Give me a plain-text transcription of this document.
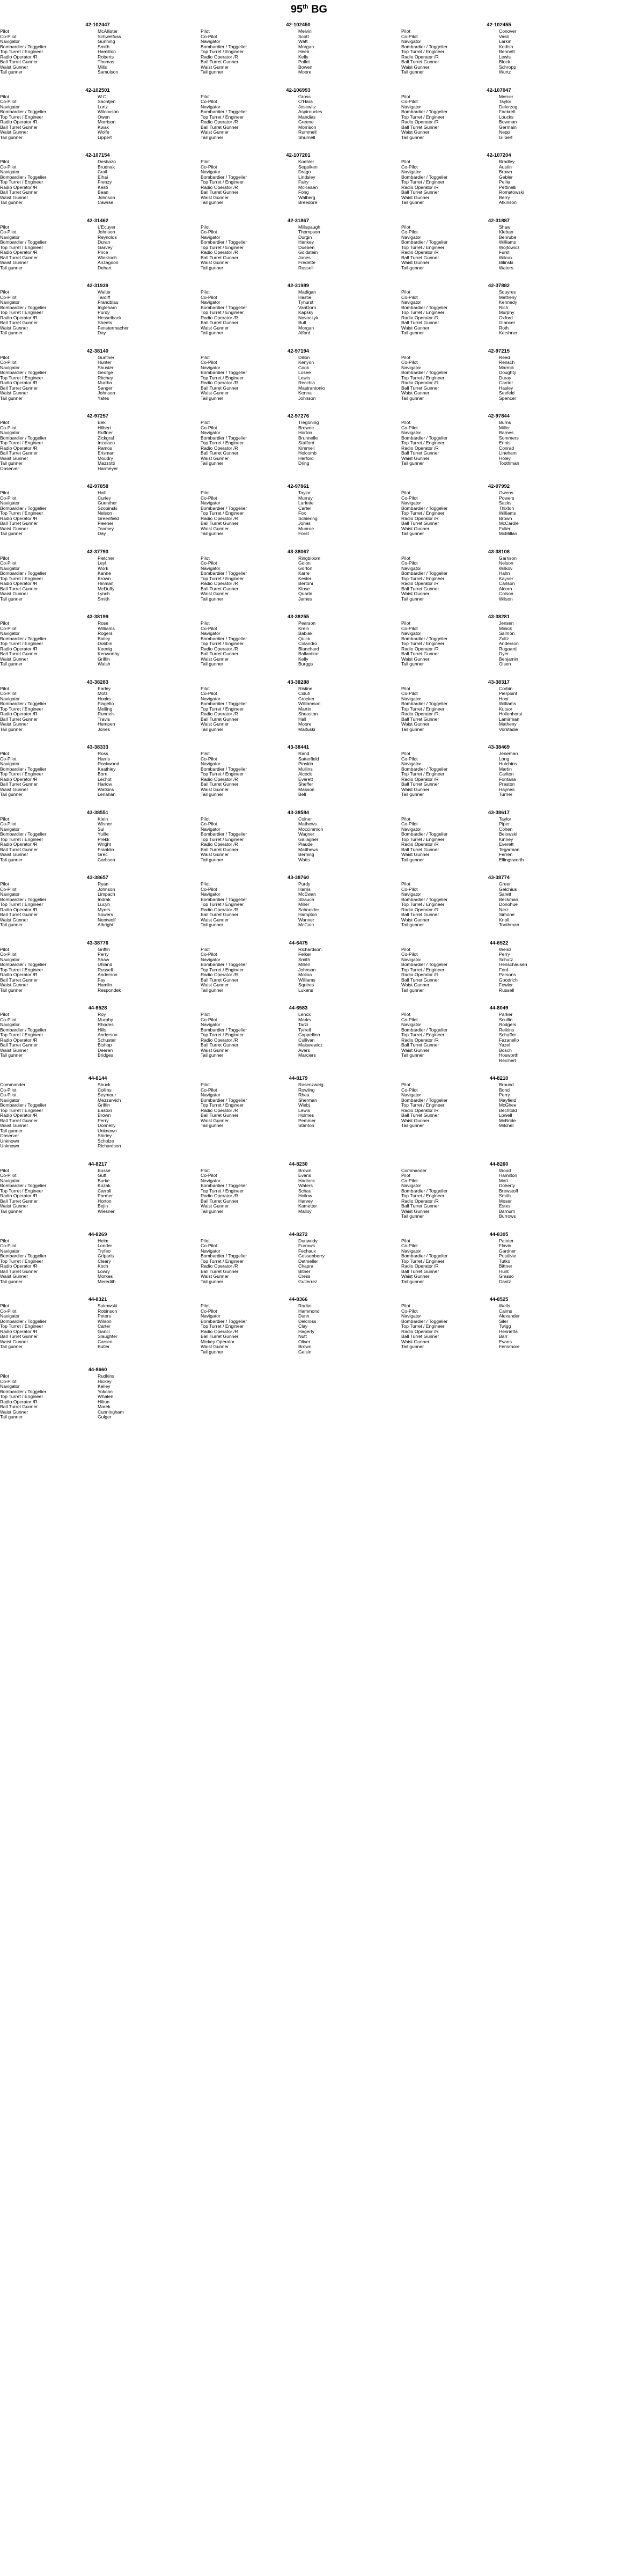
95th BG
42-102447
Pilot	McAllister
Co-Pilot	Schwelfuss
Navigator	Gunning
Bombardier / Toggelier	Smith
Top Turret / Engineer	Hamilton
Radio Operator /R	Roberts
Ball Turret Gunner	Thomas
Waist Gunner	Mills
Tail gunner	Samulson
42-102450
Pilot	Melvin
Co-Pilot	Scott
Navigator	Watt
Bombardier / Toggelier	Morgan
Top Turret / Engineer	Heeb
Radio Operator /R	Kelly
Ball Turret Gunner	Pollei
Waist Gunner	Bowen
Tail gunner	Moore
42-102455
Pilot	Conover
Co-Pilot	Vasil
Navigator	Larkin
Bombardier / Toggelier	Kodish
Top Turret / Engineer	Bennett
Radio Operator /R	Lewis
Ball Turret Gunner	Block
Waist Gunner	Schropp
Tail gunner	Wurtz
42-102501
Pilot	W.C.
Co-Pilot	Sachtjen
Navigator	Lurtz
Bombardier / Toggelier	Wilcoxson
Top Turret / Engineer	Owen
Radio Operator /R	Morrison
Ball Turret Gunner	Kwak
Waist Gunner	Wolfe
Tail gunner	Lippert
42-106993
Pilot	Gross
Co-Pilot	O'Hara
Navigator	Jesewitz
Bombardier / Toggelier	Aspiroucles
Top Turret / Engineer	Mandias
Radio Operator /R	Greene
Ball Turret Gunner	Morrison
Waist Gunner	Rummell
Tail gunner	Shurnell
42-107047
Pilot	Mercer
Co-Pilot	Taylor
Navigator	Delerzog
Bombardier / Toggelier	Fackrell
Top Turret / Engineer	Loucks
Radio Operator /R	Bowman
Ball Turret Gunner	Germain
Waist Gunner	Nepp
Tail gunner	Gilbert
42-107154
Pilot	Deshazo
Co-Pilot	Brudnak
Navigator	Crail
Bombardier / Toggelier	Elhai
Top Turret / Engineer	Frenzy
Radio Operator /R	Kesti
Ball Turret Gunner	Bean
Waist Gunner	Johnson
Tail gunner	Cawrse
42-107201
Pilot	Koehler
Co-Pilot	Segalken
Navigator	Drago
Bombardier / Toggelier	Lindsley
Top Turret / Engineer	Fairy
Radio Operator /R	McKeaen
Ball Turret Gunner	Fong
Waist Gunner	Walberg
Tail gunner	Breedore
42-107204
Pilot	Bradley
Co-Pilot	Austin
Navigator	Brown
Bombardier / Toggelier	Gebler
Top Turret / Engineer	Pellia
Radio Operator /R	Pettinelli
Ball Turret Gunner	Romatowski
Waist Gunner	Berry
Tail gunner	Atkinson
42-31462
Pilot	L'Ecuyer
Co-Pilot	Johnson
Navigator	Reynolds
Bombardier / Toggelier	Duran
Top Turret / Engineer	Garvey
Radio Operator /R	Price
Ball Turret Gunner	Wierzoch
Waist Gunner	Anzagoon
Tail gunner	Dehart
42-31867
Pilot	Millspaugh
Co-Pilot	Thompson
Navigator	Durgin
Bombardier / Toggelier	Hankey
Top Turret / Engineer	Dueben
Radio Operator /R	Goldstein
Ball Turret Gunner	Jones
Waist Gunner	Fredette
Tail gunner	Russell
42-31887
Pilot	Shaw
Co-Pilot	Kleban
Navigator	Benrube
Bombardier / Toggelier	Williams
Top Turret / Engineer	Wojtowicz
Radio Operator /R	Furst
Ball Turret Gunner	Wilcox
Waist Gunner	Bilinski
Tail gunner	Waters
42-31939
Pilot	Walter
Co-Pilot	Tardiff
Navigator	Frandblau
Bombardier / Toggelier	Ingleharn
Top Turret / Engineer	Purdy
Radio Operator /R	Hesselback
Ball Turret Gunner	Sheets
Waist Gunner	Fenstermacher
Tail gunner	Day
42-31989
Pilot	Madigan
Co-Pilot	Hastie
Navigator	Tyhurst
Bombardier / Toggelier	VanDorn
Top Turret / Engineer	Kapsky
Radio Operator /R	Novoczyk
Ball Turret Gunner	Bull
Waist Gunner	Morgan
Tail gunner	Alford
42-37882
Pilot	Squyres
Co-Pilot	Metheny
Navigator	Kennedy
Bombardier / Toggelier	Rich
Top Turret / Engineer	Murphy
Radio Operator /R	Oxford
Ball Turret Gunner	Glancer
Waist Gunner	Roth
Tail gunner	Kershner
42-38140
Pilot	Gunther
Co-Pilot	Hunter
Navigator	Shuster
Bombardier / Toggelier	George
Top Turret / Engineer	Ritchey
Radio Operator /R	Murtha
Ball Turret Gunner	Sanger
Waist Gunner	Johnson
Tail gunner	Yates
42-97194
Pilot	Dillon
Co-Pilot	Kenyon
Navigator	Cook
Bombardier / Toggelier	Losee
Top Turret / Engineer	Lewis
Radio Operator /R	Recchia
Ball Turret Gunner	Mastrantonio
Waist Gunner	Kenna
Tail gunner	Johnson
42-97215
Pilot	Reed
Co-Pilot	Rensch
Navigator	Marmik
Bombardier / Toggelier	Doughty
Top Turret / Engineer	Duray
Radio Operator /R	Carrier
Ball Turret Gunner	Hasley
Waist Gunner	Seefeld
Tail gunner	Spencer
42-97257
Pilot	Bek
Co-Pilot	Hilbert
Navigator	Ruffner
Bombardier / Toggelier	Zickgraf
Top Turret / Engineer	Inzalaco
Radio Operator /R	Ramos
Ball Turret Gunner	Erisman
Waist Gunner	Moudry
Tail gunner	Mazzotti
Observer	Harmeyer
42-97276
Pilot	Tregoning
Co-Pilot	Browne
Navigator	Horton
Bombardier / Toggelier	Brunnelle
Top Turret / Engineer	Stafford
Radio Operator /R	Kimmell
Ball Turret Gunner	Holcomb
Waist Gunner	Herford
Tail gunner	Dring
42-97844
Pilot	Burns
Co-Pilot	Miller
Navigator	Barnes
Bombardier / Toggelier	Sommers
Top Turret / Engineer	Ennis
Radio Operator /R	Conrad
Ball Turret Gunner	Lineham
Waist Gunner	Holey
Tail gunner	Toothman
42-97858
Pilot	Hall
Co-Pilot	Curley
Navigator	Guenther
Bombardier / Toggelier	Szopinski
Top Turret / Engineer	Nelson
Radio Operator /R	Greenfield
Ball Turret Gunner	Fleener
Waist Gunner	Toomey
Tail gunner	Day
42-97861
Pilot	Taylor
Co-Pilot	Murray
Navigator	Larlette
Bombardier / Toggelier	Carter
Top Turret / Engineer	Fox
Radio Operator /R	Schiering
Ball Turret Gunner	Jones
Waist Gunner	Munroe
Tail gunner	Forst
42-97992
Pilot	Owens
Co-Pilot	Powers
Navigator	Sacks
Bombardier / Toggelier	Thixton
Top Turret / Engineer	Williams
Radio Operator /R	Brown
Ball Turret Gunner	McCardle
Waist Gunner	Fuller
Tail gunner	McMillan
43-37793
Pilot	Fletcher
Co-Pilot	Leyl
Navigator	Work
Bombardier / Toggelier	Kanne
Top Turret / Engineer	Brown
Radio Operator /R	Hinman
Ball Turret Gunner	McDuffy
Waist Gunner	Lynch
Tail gunner	Smith
43-38067
Pilot	Ringbloom
Co-Pilot	Goion
Navigator	Gorton
Bombardier / Toggelier	Karre
Top Turret / Engineer	Kesler
Radio Operator /R	Bertoni
Ball Turret Gunner	Klose
Waist Gunner	Quarte
Tail gunner	James
43-38108
Pilot	Garrison
Co-Pilot	Nelson
Navigator	Wilkov
Bombardier / Toggelier	Hahn
Top Turret / Engineer	Kayser
Radio Operator /R	Carlson
Ball Turret Gunner	Alcorn
Waist Gunner	Colson
Tail gunner	Wilson
43-38199
Pilot	Rose
Co-Pilot	Williams
Navigator	Rogers
Bombardier / Toggelier	Bailey
Top Turret / Engineer	Dobbin
Radio Operator /R	Koenig
Ball Turret Gunner	Kenworthy
Waist Gunner	Griffin
Tail gunner	Walsh
43-38255
Pilot	Pearson
Co-Pilot	Krein
Navigator	Babiak
Bombardier / Toggelier	Quick
Top Turret / Engineer	Colandro
Radio Operator /R	Blanchard
Ball Turret Gunner	Ballantine
Waist Gunner	Kelly
Tail gunner	Burggs
43-38281
Pilot	Jensen
Co-Pilot	Minick
Navigator	Salmon
Bombardier / Toggelier	Zultz
Top Turret / Engineer	Anderson
Radio Operator /R	Rugaard
Ball Turret Gunner	Dyer
Waist Gunner	Benjamin
Tail gunner	Olsen
43-38283
Pilot	Earley
Co-Pilot	Motz
Navigator	Hooks
Bombardier / Toggelier	Flagello
Top Turret / Engineer	Melling
Radio Operator /R	Runnels
Ball Turret Gunner	Travis
Waist Gunner	Hempen
Tail gunner	Jones
43-38288
Pilot	Ristine
Co-Pilot	Ciduti
Navigator	Crocker
Bombardier / Toggelier	Williamson
Top Turret / Engineer	Martin
Radio Operator /R	Sheaston
Ball Turret Gunner	Hall
Waist Gunner	Moore
Tail gunner	Maltuski
43-38317
Pilot	Corbin
Co-Pilot	Pierpoint
Navigator	Hoot
Bombardier / Toggelier	Williams
Top Turret / Engineer	Kutsor
Radio Operator /R	Hollenhorst
Ball Turret Gunner	Lamirman
Waist Gunner	Matheny
Tail gunner	Vorstadie
43-38333
Pilot	Ross
Co-Pilot	Harris
Navigator	Rockwood
Bombardier / Toggelier	Keathley
Top Turret / Engineer	Born
Radio Operator /R	Lechot
Ball Turret Gunner	Harlow
Waist Gunner	Watkins
Tail gunner	Lenahan
43-38441
Pilot	Rand
Co-Pilot	Satterfield
Navigator	Pinskin
Bombardier / Toggelier	Mullins
Top Turret / Engineer	Alcock
Radio Operator /R	Everett
Ball Turret Gunner	Sheffer
Waist Gunner	Masson
Tail gunner	Bell
43-38469
Pilot	Jeneman
Co-Pilot	Long
Navigator	Hutchins
Bombardier / Toggelier	Martin
Top Turret / Engineer	Carlton
Radio Operator /R	Fontana
Ball Turret Gunner	Preston
Waist Gunner	Haynes
Tail gunner	Turner
43-38551
Pilot	Klein
Co-Pilot	Wisner
Navigator	Sul
Bombardier / Toggelier	Yuille
Top Turret / Engineer	Prekk
Radio Operator /R	Wright
Ball Turret Gunner	Franklin
Waist Gunner	Grec
Tail gunner	Carbson
43-38584
Pilot	Colner
Co-Pilot	Mathews
Navigator	Moccimmon
Bombardier / Toggelier	Wagner
Top Turret / Engineer	Gallagher
Radio Operator /R	Plaude
Ball Turret Gunner	Matthews
Waist Gunner	Berning
Tail gunner	Watts
43-38617
Pilot	Taylor
Co-Pilot	Piper
Navigator	Cohen
Bombardier / Toggelier	Belowski
Top Turret / Engineer	Kinney
Radio Operator /R	Everett
Ball Turret Gunner	Tegarman
Waist Gunner	Ferren
Tail gunner	Ellingsworth
43-38657
Pilot	Ryan
Co-Pilot	Johnson
Navigator	Limpach
Bombardier / Toggelier	Indrak
Top Turret / Engineer	Lucyn
Radio Operator /R	Myers
Ball Turret Gunner	Sowers
Waist Gunner	Nentwolf
Tail gunner	Albright
43-38760
Pilot	Purdy
Co-Pilot	Harris
Navigator	McEwan
Bombardier / Toggelier	Strauch
Top Turret / Engineer	Miller
Radio Operator /R	Schneider
Ball Turret Gunner	Hampton
Waist Gunner	Wanner
Tail gunner	McCain
43-38774
Pilot	Greer
Co-Pilot	Gelchius
Navigator	Sarett
Bombardier / Toggelier	Beckman
Top Turret / Engineer	Donohue
Radio Operator /R	Nerz
Ball Turret Gunner	Simone
Waist Gunner	Knoll
Tail gunner	Toothman
43-38776
Pilot	Griffin
Co-Pilot	Perry
Navigator	Shaw
Bombardier / Toggelier	Uhland
Top Turret / Engineer	Russell
Radio Operator /R	Anderson
Ball Turret Gunner	Fay
Waist Gunner	Hamlin
Tail gunner	Respondek
44-6475
Pilot	Richardson
Co-Pilot	Felker
Navigator	Smith
Bombardier / Toggelier	Millen
Top Turret / Engineer	Johnson
Radio Operator /R	Molina
Ball Turret Gunner	Williams
Waist Gunner	Squires
Tail gunner	Lukens
44-6522
Pilot	Weisz
Co-Pilot	Perry
Navigator	Schutz
Bombardier / Toggelier	Henschausen
Top Turret / Engineer	Ford
Radio Operator /R	Parsons
Ball Turret Gunner	Goodrich
Waist Gunner	Fowler
Tail gunner	Russell
44-6528
Pilot	Roy
Co-Pilot	Murphy
Navigator	Rhodes
Bombardier / Toggelier	Hills
Top Turret / Engineer	Anderson
Radio Operator /R	Schuster
Ball Turret Gunner	Bishop
Waist Gunner	Deeren
Tail gunner	Bridges
44-6583
Pilot	Lenox
Co-Pilot	Marks
Navigator	Tarzi
Bombardier / Toggelier	Tyrrell
Top Turret / Engineer	Cappellino
Radio Operator /R	Cullivan
Ball Turret Gunner	Makarewicz
Waist Gunner	Avers
Tail gunner	Marciers
44-8049
Pilot	Parker
Co-Pilot	Scullin
Navigator	Rodgers
Bombardier / Toggelier	Reikins
Top Turret / Engineer	Schaffer
Radio Operator /R	Fazanello
Ball Turret Gunner	Yazel
Waist Gunner	Bosch
Tail gunner	Hosworth
Reichert
44-8144
Commander	Shuck
Co-Pilot	Collins
Co-Pilot	Seymour
Navigator	Mezzarvich
Bombardier / Toggelier	Griffin
Top Turret / Engineer	Easton
Radio Operator /R	Brown
Ball Turret Gunner	Perry
Waist Gunner	Donnelly
Tail gunner	Unknown
Observer	Shirley
Unknown	Scholze
Unknown	Richardson
44-8179
Pilot	Rosenzweig
Co-Pilot	Rowling
Navigator	Rhea
Bombardier / Toggelier	Sherman
Top Turret / Engineer	Wiebj
Radio Operator /R	Lewis
Ball Turret Gunner	Holmes
Waist Gunner	Pemmer
Tail gunner	Stanton
44-8210
Pilot	Bround
Co-Pilot	Bond
Navigator	Perry
Bombardier / Toggelier	Mayfield
Top Turret / Engineer	McGhee
Radio Operator /R	Bechtold
Ball Turret Gunner	Lowell
Waist Gunner	McBride
Tail gunner	Mitchel
44-8217
Pilot	Busse
Co-Pilot	Gutt
Navigator	Burke
Bombardier / Toggelier	Kozak
Top Turret / Engineer	Carroll
Radio Operator /R	Parmer
Ball Turret Gunner	Horton
Waist Gunner	Bejin
Tail gunner	Wiesner
44-8230
Pilot	Brown
Co-Pilot	Evans
Navigator	Hadlock
Bombardier / Toggelier	Waters
Top Turret / Engineer	Schau
Radio Operator /R	Hollow
Ball Turret Gunner	Harvey
Waist Gunner	Kametter
Tail gunner	Malloy
44-8260
Commander	Wood
Pilot	Hamilton
Co-Pilot	Mott
Navigator	Doherty
Bombardier / Toggelier	Brewstoff
Top Turret / Engineer	Smith
Radio Operator /R	Moser
Ball Turret Gunner	Estes
Waist Gunner	Barnum
Tail gunner	Burrows
44-8269
Pilot	Helm
Co-Pilot	Londer
Navigator	Tryfeo
Bombardier / Toggelier	Griparis
Top Turret / Engineer	Cleary
Radio Operator /R	Koch
Ball Turret Gunner	Lowry
Waist Gunner	Morkes
Tail gunner	Meredith
44-8272
Pilot	Dunwody
Co-Pilot	Furrows
Navigator	Fechaux
Bombardier / Toggelier	Gossenberry
Top Turret / Engineer	Detmeller
Radio Operator /R	Chapra
Ball Turret Gunner	Bitner
Waist Gunner	Cress
Tail gunner	Gutierrez
44-8305
Pilot	Painter
Co-Pilot	Flavin
Navigator	Gardner
Bombardier / Toggelier	Pustlivie
Top Turret / Engineer	Tutko
Radio Operator /R	Bittner
Ball Turret Gunner	Hunt
Waist Gunner	Grasso
Tail gunner	Dantz
44-8321
Pilot	Sukowski
Co-Pilot	Robinson
Navigator	Peters
Bombardier / Toggelier	Wilson
Top Turret / Engineer	Carter
Radio Operator /R	Ganci
Ball Turret Gunner	Slaughter
Waist Gunner	Carsen
Tail gunner	Butler
44-8366
Pilot	Radke
Co-Pilot	Hammond
Navigator	Dunn
Bombardier / Toggelier	Delcross
Top Turret / Engineer	Clay
Radio Operator /R	Hagerty
Ball Turret Gunner	Nutt
Mickey Operator	Oliver
Waist Gunner	Brown
Tail gunner	Gelsin
44-8525
Pilot	Wells
Co-Pilot	Cairns
Navigator	Alexander
Bombardier / Toggelier	Siler
Top Turret / Engineer	Twigg
Radio Operator /R	Henrietta
Ball Turret Gunner	Barr
Waist Gunner	Evans
Tail gunner	Fensmore
44-8660
Pilot	Rudkins
Co-Pilot	Hickey
Navigator	Kelley
Bombardier / Toggelier	Yokcan
Top Turret / Engineer	Whalen
Radio Operator /R	Hilton
Ball Turret Gunner	Marek
Waist Gunner	Cunningham
Tail gunner	Gulger
